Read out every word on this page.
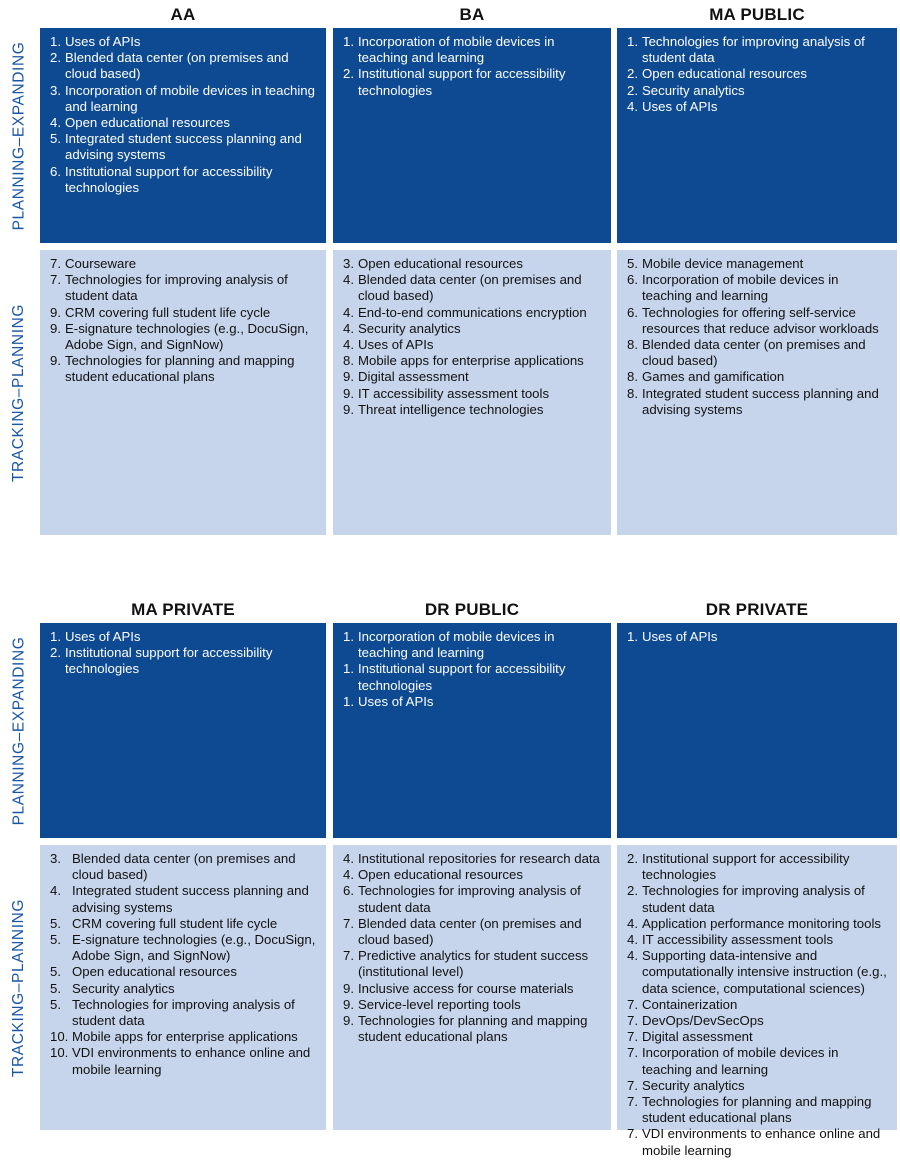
PLANNING–EXPANDING
TRACKING–PLANNING
AA
1. Uses of APIs
2. Blended data center (on premises and cloud based)
3. Incorporation of mobile devices in teaching and learning
4. Open educational resources
5. Integrated student success planning and advising systems
6. Institutional support for accessibility technologies
7. Courseware
7. Technologies for improving analysis of student data
9. CRM covering full student life cycle
9. E-signature technologies (e.g., DocuSign, Adobe Sign, and SignNow)
9. Technologies for planning and mapping student educational plans
BA
1. Incorporation of mobile devices in teaching and learning
2. Institutional support for accessibility technologies
3. Open educational resources
4. Blended data center (on premises and cloud based)
4. End-to-end communications encryption
4. Security analytics
4. Uses of APIs
8. Mobile apps for enterprise applications
9. Digital assessment
9. IT accessibility assessment tools
9. Threat intelligence technologies
MA PUBLIC
1. Technologies for improving analysis of student data
2. Open educational resources
2. Security analytics
4. Uses of APIs
5. Mobile device management
6. Incorporation of mobile devices in teaching and learning
6. Technologies for offering self-service resources that reduce advisor workloads
8. Blended data center (on premises and cloud based)
8. Games and gamification
8. Integrated student success planning and advising systems
PLANNING–EXPANDING
TRACKING–PLANNING
MA PRIVATE
1. Uses of APIs
2. Institutional support for accessibility technologies
3. Blended data center (on premises and cloud based)
4. Integrated student success planning and advising systems
5. CRM covering full student life cycle
5. E-signature technologies (e.g., DocuSign, Adobe Sign, and SignNow)
5. Open educational resources
5. Security analytics
5. Technologies for improving analysis of student data
10. Mobile apps for enterprise applications
10. VDI environments to enhance online and mobile learning
DR PUBLIC
1. Incorporation of mobile devices in teaching and learning
1. Institutional support for accessibility technologies
1. Uses of APIs
4. Institutional repositories for research data
4. Open educational resources
6. Technologies for improving analysis of student data
7. Blended data center (on premises and cloud based)
7. Predictive analytics for student success (institutional level)
9. Inclusive access for course materials
9. Service-level reporting tools
9. Technologies for planning and mapping student educational plans
DR PRIVATE
1. Uses of APIs
2. Institutional support for accessibility technologies
2. Technologies for improving analysis of student data
4. Application performance monitoring tools
4. IT accessibility assessment tools
4. Supporting data-intensive and computationally intensive instruction (e.g., data science, computational sciences)
7. Containerization
7. DevOps/DevSecOps
7. Digital assessment
7. Incorporation of mobile devices in teaching and learning
7. Security analytics
7. Technologies for planning and mapping student educational plans
7. VDI environments to enhance online and mobile learning
